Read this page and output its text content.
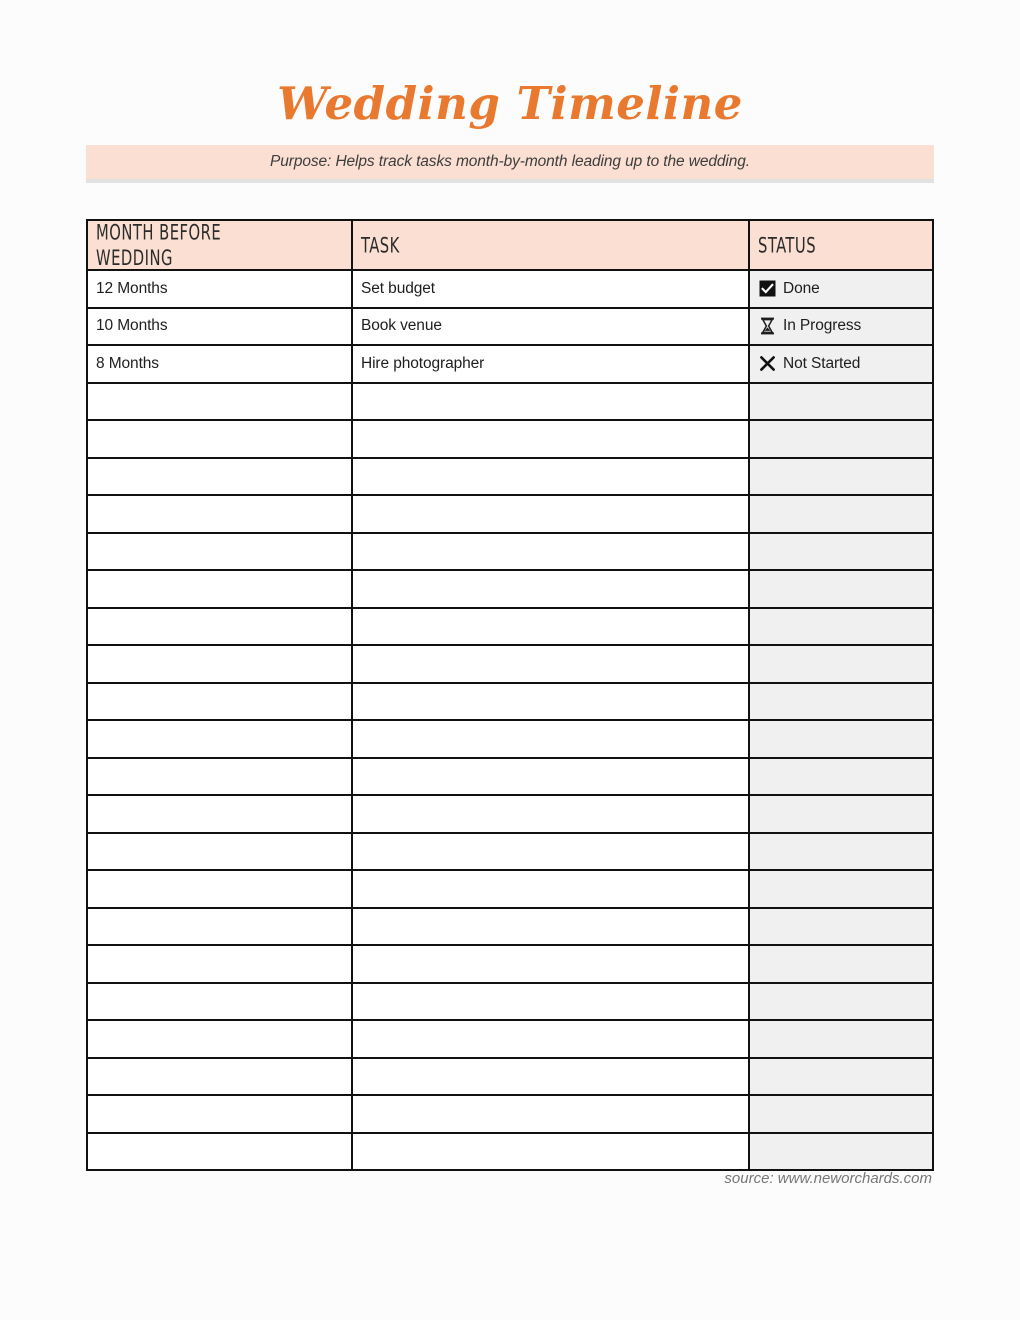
Wedding Timeline
Purpose: Helps track tasks month-by-month leading up to the wedding.
MONTH BEFORE WEDDING	TASK	STATUS
12 Months	Set budget	Done

10 Months	Book venue	In Progress

8 Months	Hire photographer	Not Started

source: www.neworchards.com
